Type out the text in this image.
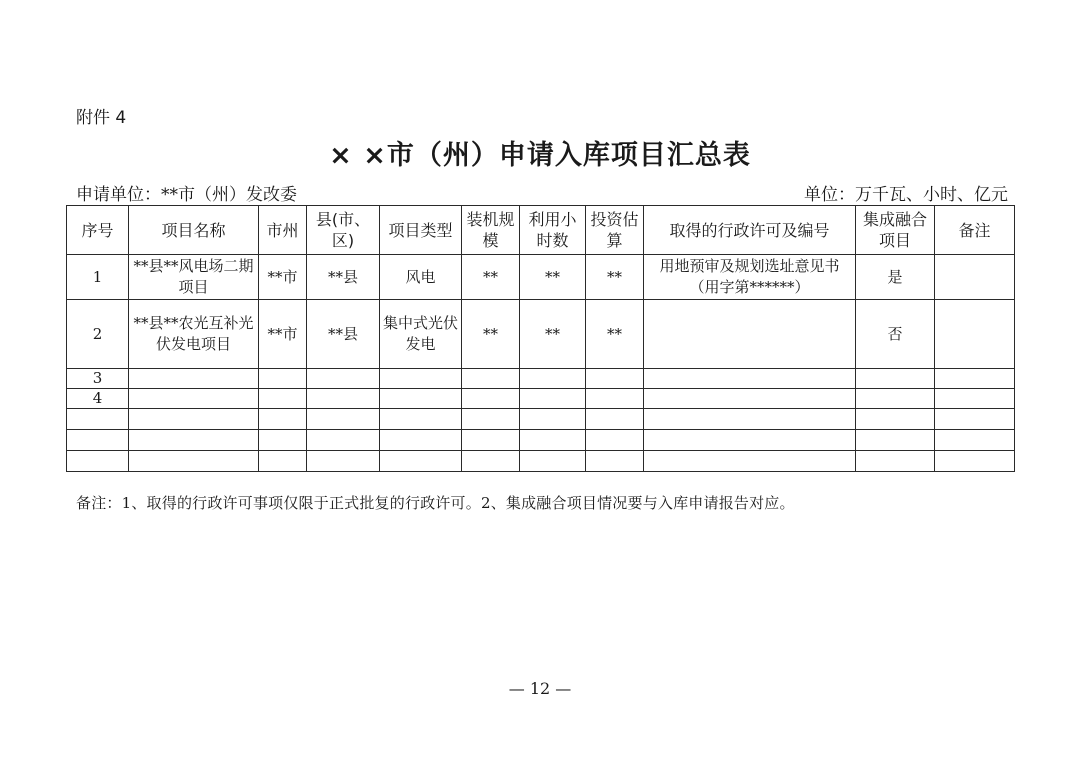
附件 4
× ×市（州）申请入库项目汇总表
申请单位：**市（州）发改委	单位：万千瓦、小时、亿元
序号	项目名称	市州	县(市、区)	项目类型	装机规模	利用小时数	投资估算	取得的行政许可及编号	集成融合项目	备注
1	**县**风电场二期项目	**市	**县	风电	**	**	**	用地预审及规划选址意见书（用字第******）	是	
2	**县**农光互补光伏发电项目	**市	**县	集中式光伏发电	**	**	**		否	
3										
4										

备注：1、取得的行政许可事项仅限于正式批复的行政许可。2、集成融合项目情况要与入库申请报告对应。
— 12 —
